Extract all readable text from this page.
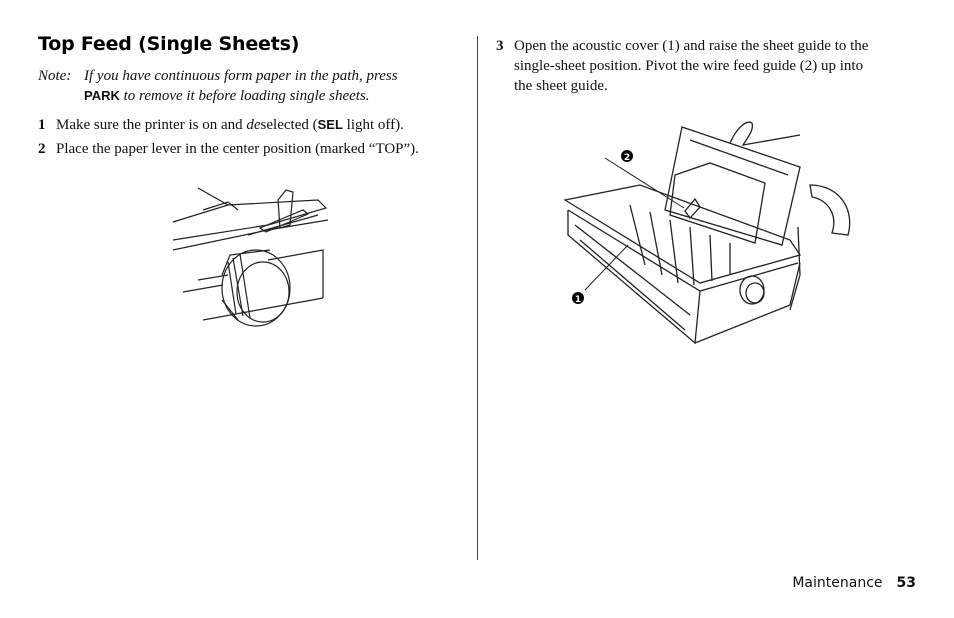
Top Feed (Single Sheets)
Note: If you have continuous form paper in the path, press
PARK to remove it before loading single sheets.
1 Make sure the printer is on and deselected (SEL light off).
2 Place the paper lever in the center position (marked “TOP”).
3 Open the acoustic cover (1) and raise the sheet guide to the
single-sheet position. Pivot the wire feed guide (2) up into
the sheet guide.
2
1
Maintenance 53
